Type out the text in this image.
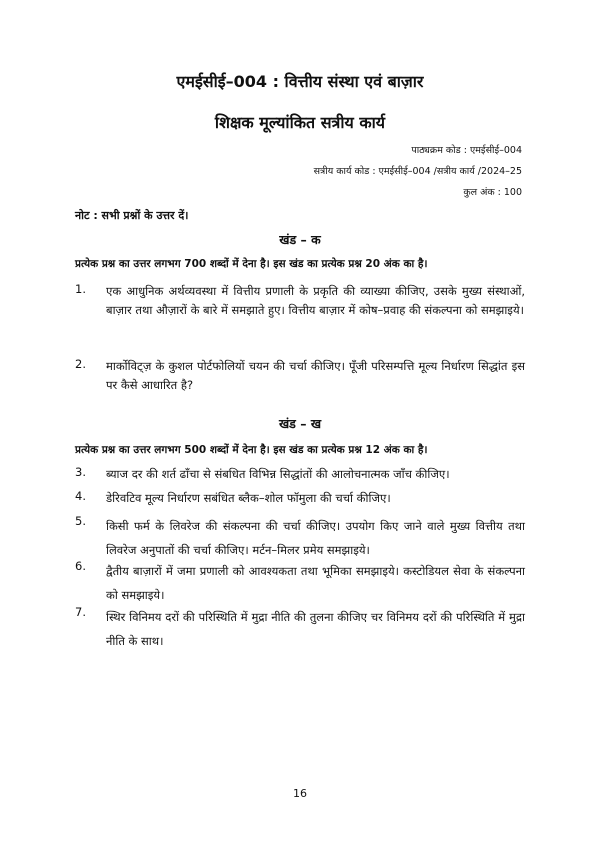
एमईसीई–004 : वित्तीय संस्था एवं बाज़ार
शिक्षक मूल्यांकित सत्रीय कार्य
पाठ्यक्रम कोड : एमईसीई–004
सत्रीय कार्य कोड : एमईसीई–004 /सत्रीय कार्य /2024–25
कुल अंक : 100
नोट : सभी प्रश्नों के उत्तर दें।
खंड – क
प्रत्येक प्रश्न का उत्तर लगभग 700 शब्दों में देना है। इस खंड का प्रत्येक प्रश्न 20 अंक का है।
1.	एक आधुनिक अर्थव्यवस्था में वित्तीय प्रणाली के प्रकृति की व्याख्या कीजिए, उसके मुख्य संस्थाओं, बाज़ार तथा औज़ारों के बारे में समझाते हुए। वित्तीय बाज़ार में कोष–प्रवाह की संकल्पना को समझाइये।
2.	मार्कोविट्ज़ के कुशल पोर्टफोलियों चयन की चर्चा कीजिए। पूँजी परिसम्पत्ति मूल्य निर्धारण सिद्धांत इस पर कैसे आधारित है?
खंड – ख
प्रत्येक प्रश्न का उत्तर लगभग 500 शब्दों में देना है। इस खंड का प्रत्येक प्रश्न 12 अंक का है।
3.	ब्याज दर की शर्त ढाँचा से संबधित विभिन्न सिद्धांतों की आलोचनात्मक जाँच कीजिए।
4.	डेरिवटिव मूल्य निर्धारण सबंधित ब्लैक–शोल फॉमुला की चर्चा कीजिए।
5.	किसी फर्म के लिवरेज की संकल्पना की चर्चा कीजिए। उपयोग किए जाने वाले मुख्य वित्तीय तथा लिवरेज अनुपातों की चर्चा कीजिए। मर्टन–मिलर प्रमेय समझाइये।
6.	द्वैतीय बाज़ारों में जमा प्रणाली को आवश्यकता तथा भूमिका समझाइये। कस्टोडियल सेवा के संकल्पना को समझाइये।
7.	स्थिर विनिमय दरों की परिस्थिति में मुद्रा नीति की तुलना कीजिए चर विनिमय दरों की परिस्थिति में मुद्रा नीति के साथ।
16
